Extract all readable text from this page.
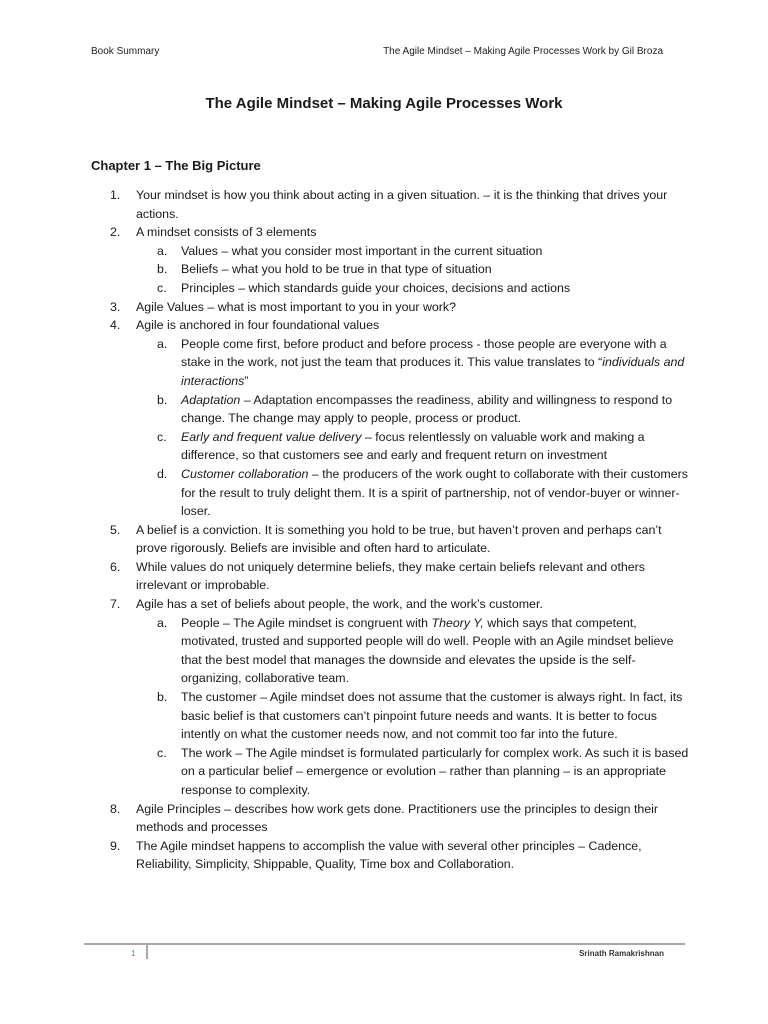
Book Summary	The Agile Mindset – Making Agile Processes Work by Gil Broza
The Agile Mindset – Making Agile Processes Work
Chapter 1 – The Big Picture
1. Your mindset is how you think about acting in a given situation. – it is the thinking that drives your actions.
2. A mindset consists of 3 elements
a. Values – what you consider most important in the current situation
b. Beliefs – what you hold to be true in that type of situation
c. Principles – which standards guide your choices, decisions and actions
3. Agile Values – what is most important to you in your work?
4. Agile is anchored in four foundational values
a. People come first, before product and before process - those people are everyone with a stake in the work, not just the team that produces it. This value translates to “individuals and interactions”
b. Adaptation – Adaptation encompasses the readiness, ability and willingness to respond to change. The change may apply to people, process or product.
c. Early and frequent value delivery – focus relentlessly on valuable work and making a difference, so that customers see and early and frequent return on investment
d. Customer collaboration – the producers of the work ought to collaborate with their customers for the result to truly delight them. It is a spirit of partnership, not of vendor-buyer or winner-loser.
5. A belief is a conviction. It is something you hold to be true, but haven’t proven and perhaps can’t prove rigorously. Beliefs are invisible and often hard to articulate.
6. While values do not uniquely determine beliefs, they make certain beliefs relevant and others irrelevant or improbable.
7. Agile has a set of beliefs about people, the work, and the work’s customer.
a. People – The Agile mindset is congruent with Theory Y, which says that competent, motivated, trusted and supported people will do well. People with an Agile mindset believe that the best model that manages the downside and elevates the upside is the self-organizing, collaborative team.
b. The customer – Agile mindset does not assume that the customer is always right. In fact, its basic belief is that customers can’t pinpoint future needs and wants. It is better to focus intently on what the customer needs now, and not commit too far into the future.
c. The work – The Agile mindset is formulated particularly for complex work. As such it is based on a particular belief – emergence or evolution – rather than planning – is an appropriate response to complexity.
8. Agile Principles – describes how work gets done. Practitioners use the principles to design their methods and processes
9. The Agile mindset happens to accomplish the value with several other principles – Cadence, Reliability, Simplicity, Shippable, Quality, Time box and Collaboration.
1	Srinath Ramakrishnan
